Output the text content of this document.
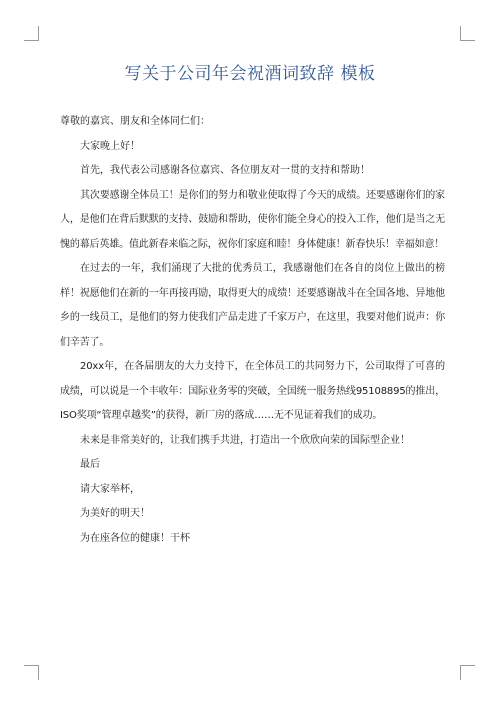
写关于公司年会祝酒词致辞 模板

尊敬的嘉宾、朋友和全体同仁们：

大家晚上好！

首先，我代表公司感谢各位嘉宾、各位朋友对一贯的支持和帮助！

其次要感谢全体员工！是你们的努力和敬业使取得了今天的成绩。还要感谢你们的家人，是他们在背后默默的支持、鼓励和帮助，使你们能全身心的投入工作，他们是当之无愧的幕后英雄。值此新春来临之际，祝你们家庭和睦！身体健康！新春快乐！幸福如意！

在过去的一年，我们涌现了大批的优秀员工，我感谢他们在各自的岗位上做出的榜样！祝愿他们在新的一年再接再励，取得更大的成绩！还要感谢战斗在全国各地、异地他乡的一线员工，是他们的努力使我们产品走进了千家万户，在这里，我要对他们说声：你们辛苦了。

20xx年，在各届朋友的大力支持下，在全体员工的共同努力下，公司取得了可喜的成绩，可以说是一个丰收年：国际业务零的突破，全国统一服务热线95108895的推出，ISO奖项“管理卓越奖”的获得，新厂房的落成……无不见证着我们的成功。

未来是非常美好的，让我们携手共进，打造出一个欣欣向荣的国际型企业！

最后

请大家举杯，

为美好的明天！

为在座各位的健康！干杯
